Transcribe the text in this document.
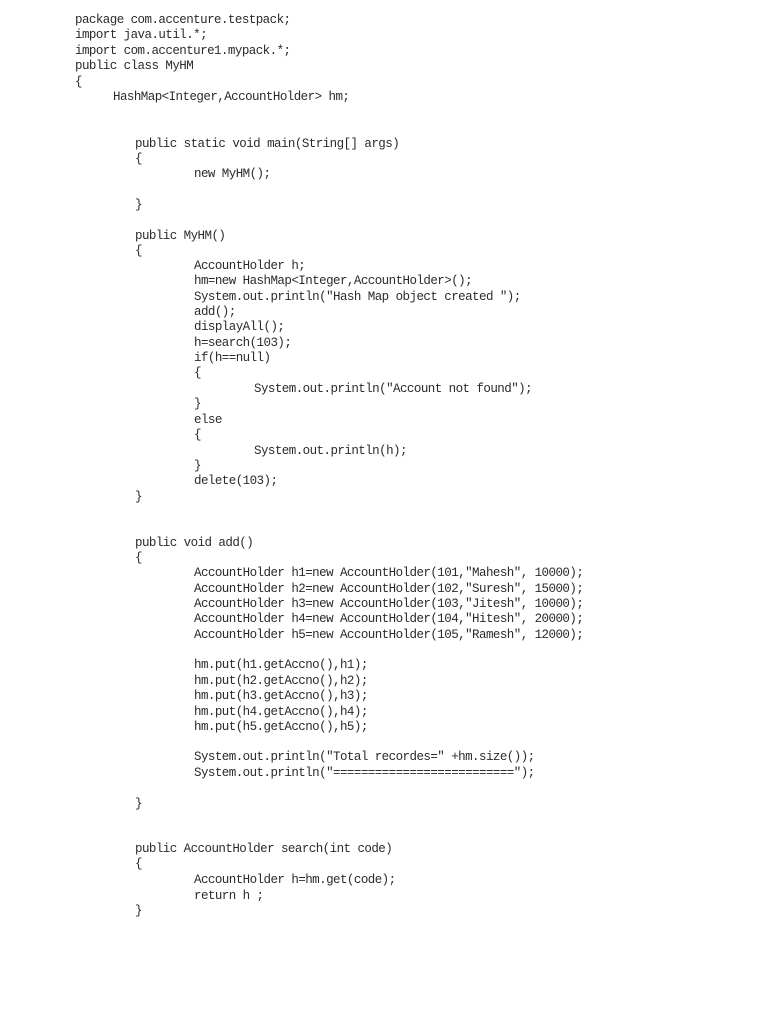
package com.accenture.testpack;
import java.util.*;
import com.accenture1.mypack.*;
public class MyHM
{
HashMap<Integer,AccountHolder> hm;
public static void main(String[] args)
{
new MyHM();
}
public MyHM()
{
AccountHolder h;
hm=new HashMap<Integer,AccountHolder>();
System.out.println("Hash Map object created ");
add();
displayAll();
h=search(103);
if(h==null)
{
System.out.println("Account not found");
}
else
{
System.out.println(h);
}
delete(103);
}
public void add()
{
AccountHolder h1=new AccountHolder(101,"Mahesh", 10000);
AccountHolder h2=new AccountHolder(102,"Suresh", 15000);
AccountHolder h3=new AccountHolder(103,"Jitesh", 10000);
AccountHolder h4=new AccountHolder(104,"Hitesh", 20000);
AccountHolder h5=new AccountHolder(105,"Ramesh", 12000);
hm.put(h1.getAccno(),h1);
hm.put(h2.getAccno(),h2);
hm.put(h3.getAccno(),h3);
hm.put(h4.getAccno(),h4);
hm.put(h5.getAccno(),h5);
System.out.println("Total recordes=" +hm.size());
System.out.println("==========================");
}
public AccountHolder search(int code)
{
AccountHolder h=hm.get(code);
return h ;
}
